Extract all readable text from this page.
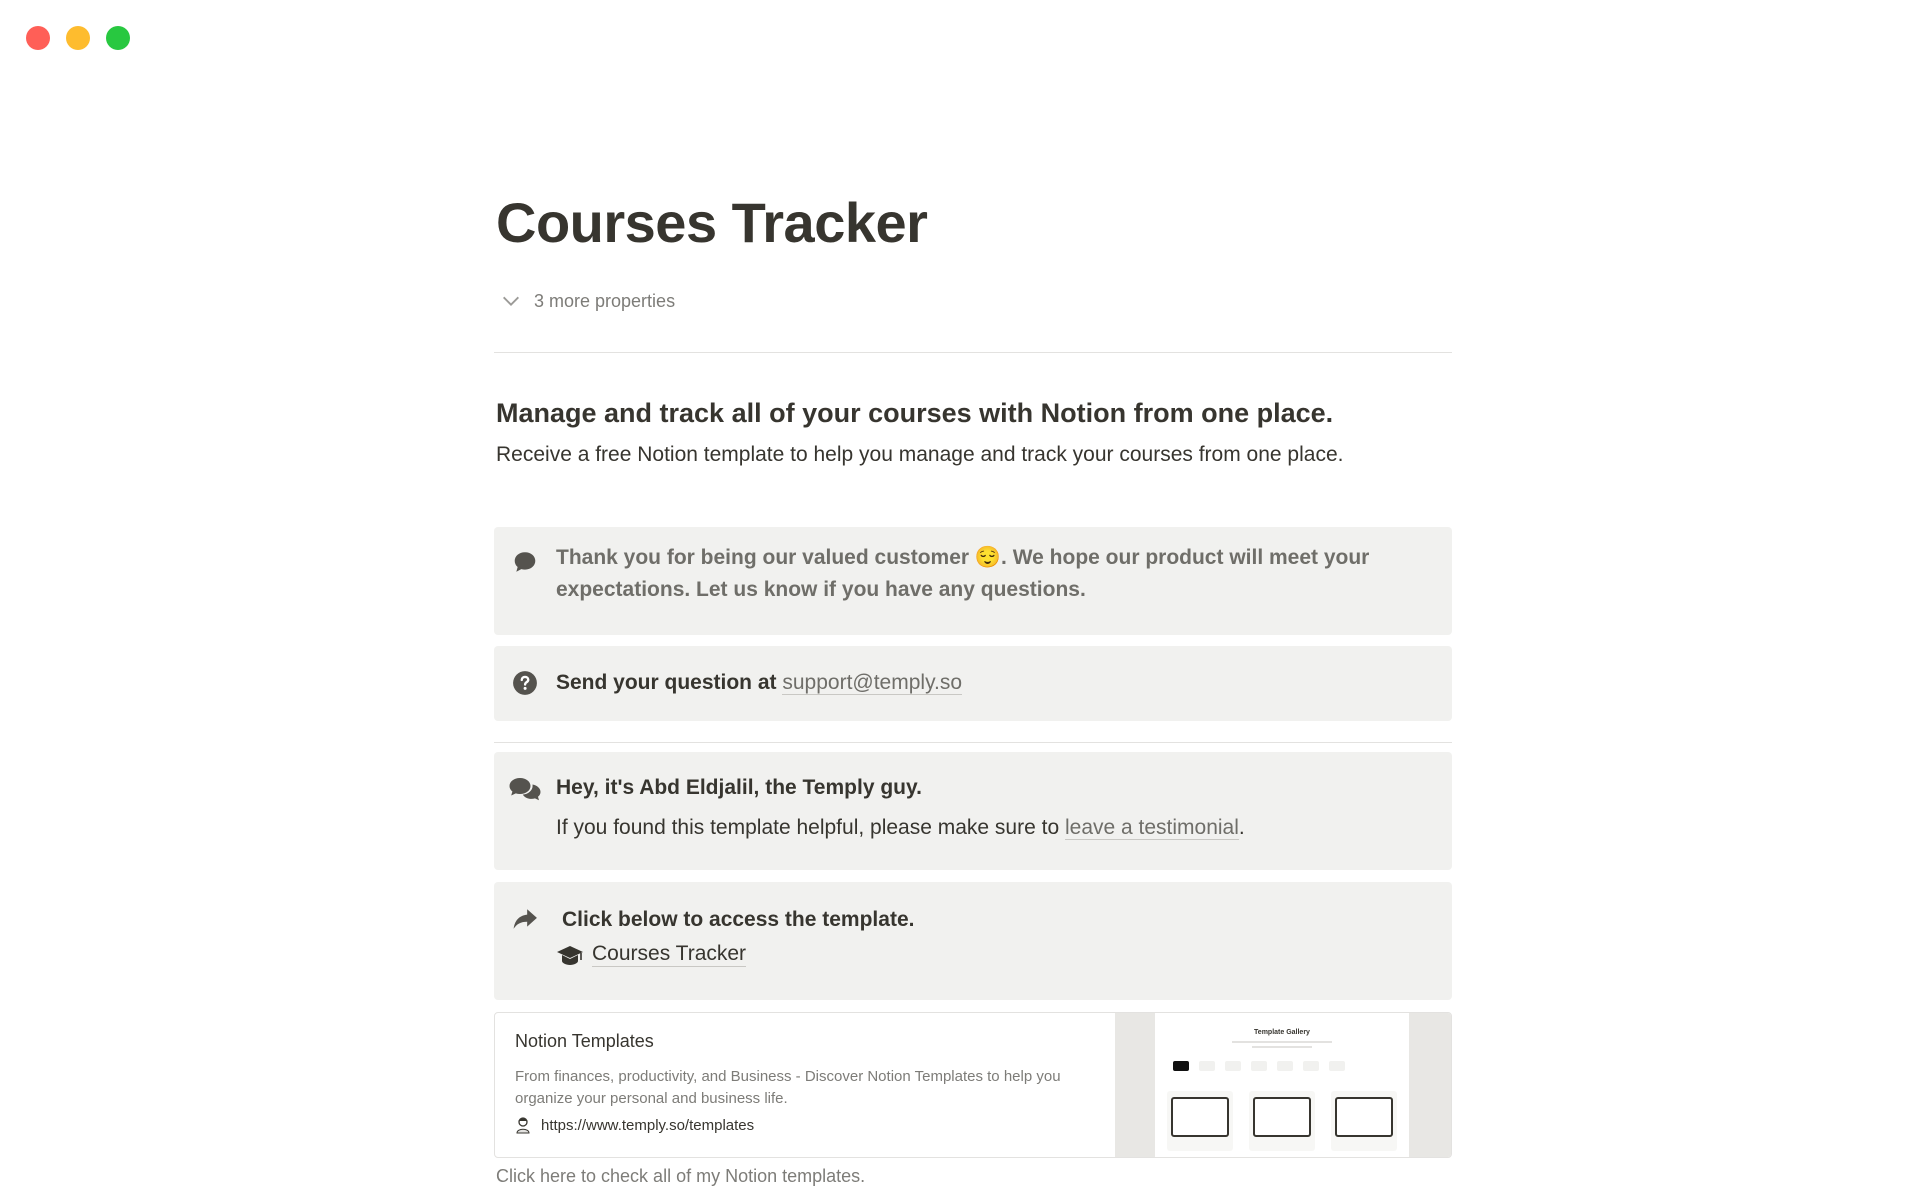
Courses Tracker
3 more properties
Manage and track all of your courses with Notion from one place.
Receive a free Notion template to help you manage and track your courses from one place.
Thank you for being our valued customer 😌. We hope our product will meet your expectations. Let us know if you have any questions.
Send your question at support@temply.so
Hey, it's Abd Eldjalil, the Temply guy.
If you found this template helpful, please make sure to leave a testimonial.
Click below to access the template.
Courses Tracker
Notion Templates
From finances, productivity, and Business - Discover Notion Templates to help you organize your personal and business life.
https://www.temply.so/templates
Template Gallery
Click here to check all of my Notion templates.
